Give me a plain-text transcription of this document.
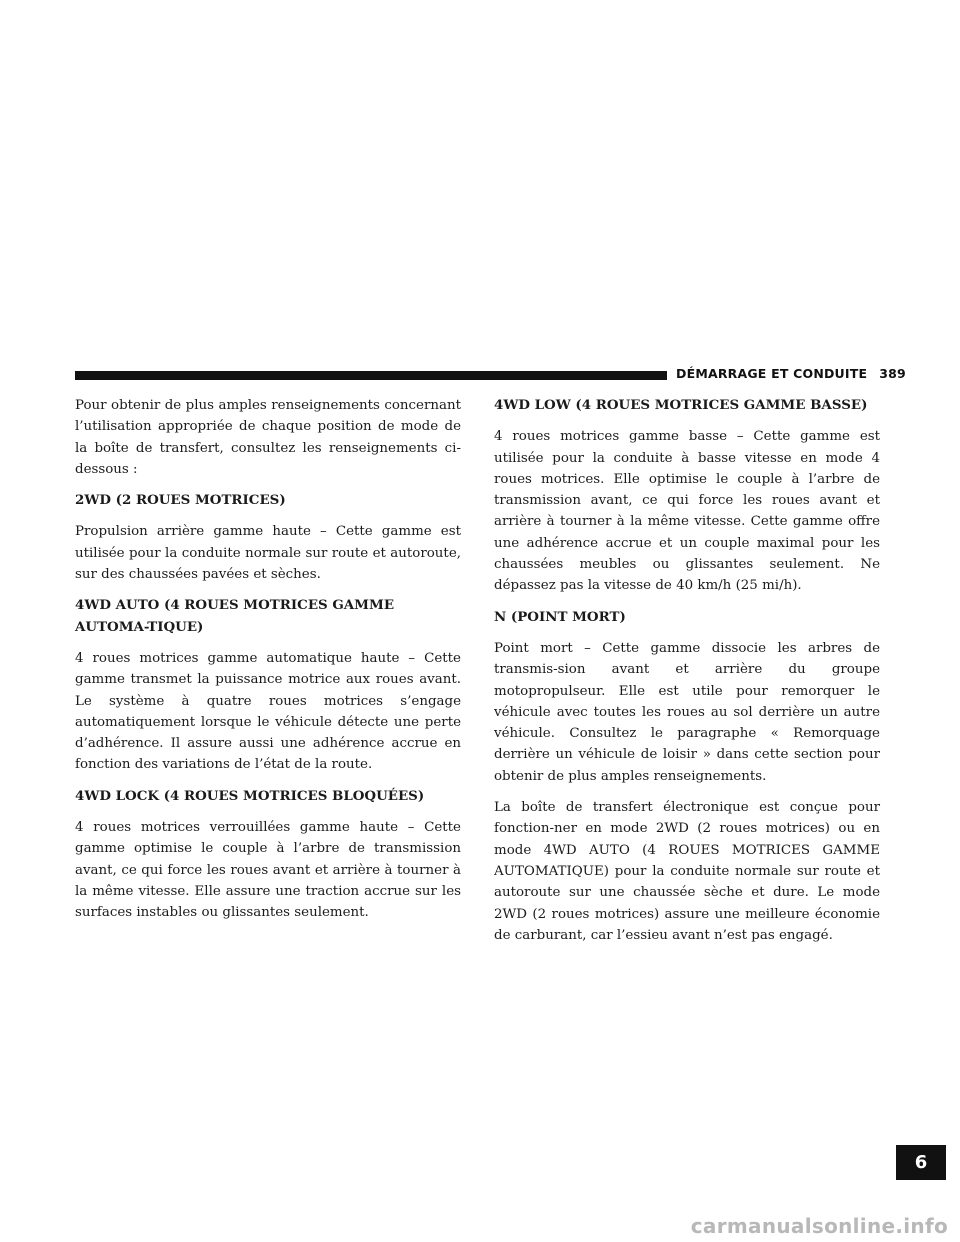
DÉMARRAGE ET CONDUITE 389

Pour obtenir de plus amples renseignements concernant l’utilisation appropriée de chaque position de mode de la boîte de transfert, consultez les renseignements ci-dessous :

2WD (2 ROUES MOTRICES)

Propulsion arrière gamme haute – Cette gamme est utilisée pour la conduite normale sur route et autoroute, sur des chaussées pavées et sèches.

4WD AUTO (4 ROUES MOTRICES GAMME AUTOMA-TIQUE)

4 roues motrices gamme automatique haute – Cette gamme transmet la puissance motrice aux roues avant. Le système à quatre roues motrices s’engage automatiquement lorsque le véhicule détecte une perte d’adhérence. Il assure aussi une adhérence accrue en fonction des variations de l’état de la route.

4WD LOCK (4 ROUES MOTRICES BLOQUÉES)

4 roues motrices verrouillées gamme haute – Cette gamme optimise le couple à l’arbre de transmission avant, ce qui force les roues avant et arrière à tourner à la même vitesse. Elle assure une traction accrue sur les surfaces instables ou glissantes seulement.

4WD LOW (4 ROUES MOTRICES GAMME BASSE)

4 roues motrices gamme basse – Cette gamme est utilisée pour la conduite à basse vitesse en mode 4 roues motrices. Elle optimise le couple à l’arbre de transmission avant, ce qui force les roues avant et arrière à tourner à la même vitesse. Cette gamme offre une adhérence accrue et un couple maximal pour les chaussées meubles ou glissantes seulement. Ne dépassez pas la vitesse de 40 km/h (25 mi/h).

N (POINT MORT)

Point mort – Cette gamme dissocie les arbres de transmis-sion avant et arrière du groupe motopropulseur. Elle est utile pour remorquer le véhicule avec toutes les roues au sol derrière un autre véhicule. Consultez le paragraphe « Remorquage derrière un véhicule de loisir » dans cette section pour obtenir de plus amples renseignements.

La boîte de transfert électronique est conçue pour fonction-ner en mode 2WD (2 roues motrices) ou en mode 4WD AUTO (4 ROUES MOTRICES GAMME AUTOMATIQUE) pour la conduite normale sur route et autoroute sur une chaussée sèche et dure. Le mode 2WD (2 roues motrices) assure une meilleure économie de carburant, car l’essieu avant n’est pas engagé.

6
carmanualsonline.info
